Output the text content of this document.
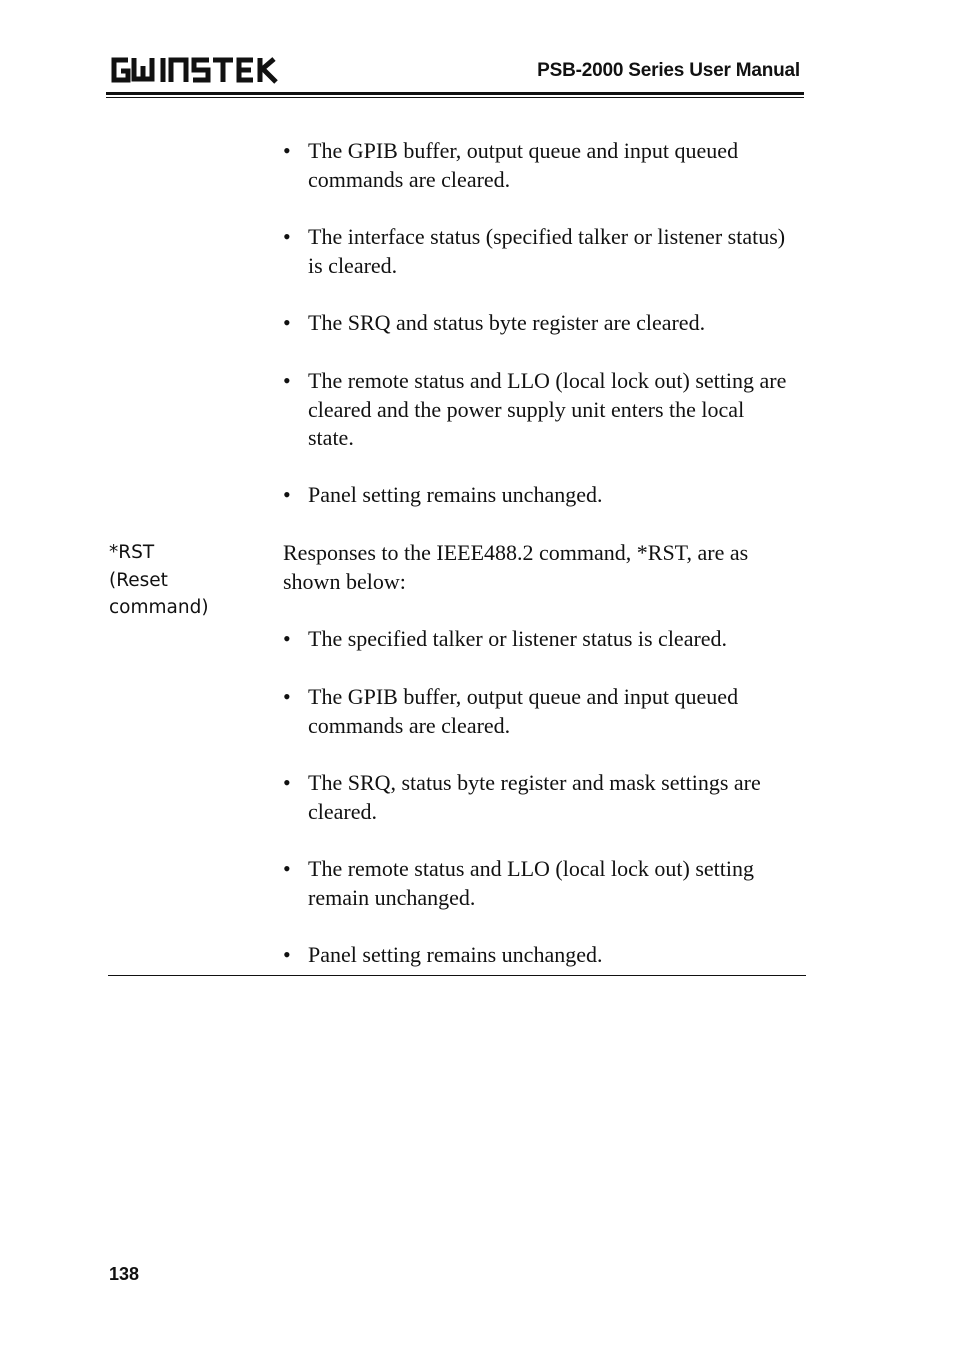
PSB-2000 Series User Manual
• The GPIB buffer, output queue and input queued commands are cleared.
• The interface status (specified talker or listener status) is cleared.
• The SRQ and status byte register are cleared.
• The remote status and LLO (local lock out) setting are cleared and the power supply unit enters the local state.
• Panel setting remains unchanged.
*RST
(Reset
command)
Responses to the IEEE488.2 command, *RST, are as shown below:
• The specified talker or listener status is cleared.
• The GPIB buffer, output queue and input queued commands are cleared.
• The SRQ, status byte register and mask settings are cleared.
• The remote status and LLO (local lock out) setting remain unchanged.
• Panel setting remains unchanged.
138
